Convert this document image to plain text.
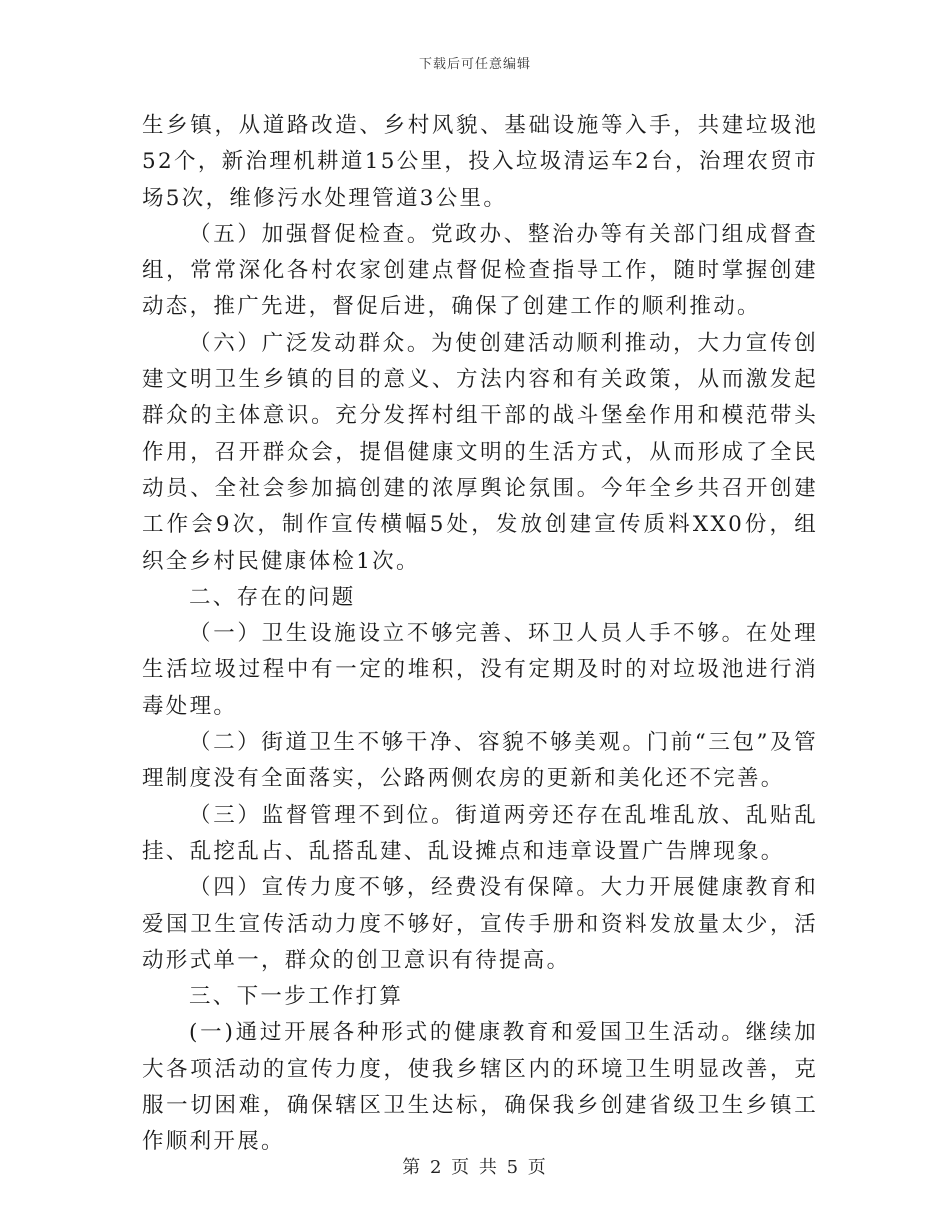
下载后可任意编辑

生乡镇，从道路改造、乡村风貌、基础设施等入手，共建垃圾池52个，新治理机耕道15公里，投入垃圾清运车2台，治理农贸市场5次，维修污水处理管道3公里。

（五）加强督促检查。党政办、整治办等有关部门组成督查组，常常深化各村农家创建点督促检查指导工作，随时掌握创建动态，推广先进，督促后进，确保了创建工作的顺利推动。

（六）广泛发动群众。为使创建活动顺利推动，大力宣传创建文明卫生乡镇的目的意义、方法内容和有关政策，从而激发起群众的主体意识。充分发挥村组干部的战斗堡垒作用和模范带头作用，召开群众会，提倡健康文明的生活方式，从而形成了全民动员、全社会参加搞创建的浓厚舆论氛围。今年全乡共召开创建工作会9次，制作宣传横幅5处，发放创建宣传质料XX0份，组织全乡村民健康体检1次。

二、存在的问题

（一）卫生设施设立不够完善、环卫人员人手不够。在处理生活垃圾过程中有一定的堆积，没有定期及时的对垃圾池进行消毒处理。

（二）街道卫生不够干净、容貌不够美观。门前“三包”及管理制度没有全面落实，公路两侧农房的更新和美化还不完善。

（三）监督管理不到位。街道两旁还存在乱堆乱放、乱贴乱挂、乱挖乱占、乱搭乱建、乱设摊点和违章设置广告牌现象。

（四）宣传力度不够，经费没有保障。大力开展健康教育和爱国卫生宣传活动力度不够好，宣传手册和资料发放量太少，活动形式单一，群众的创卫意识有待提高。

三、下一步工作打算

(一)通过开展各种形式的健康教育和爱国卫生活动。继续加大各项活动的宣传力度，使我乡辖区内的环境卫生明显改善，克服一切困难，确保辖区卫生达标，确保我乡创建省级卫生乡镇工作顺利开展。

第 2 页 共 5 页
